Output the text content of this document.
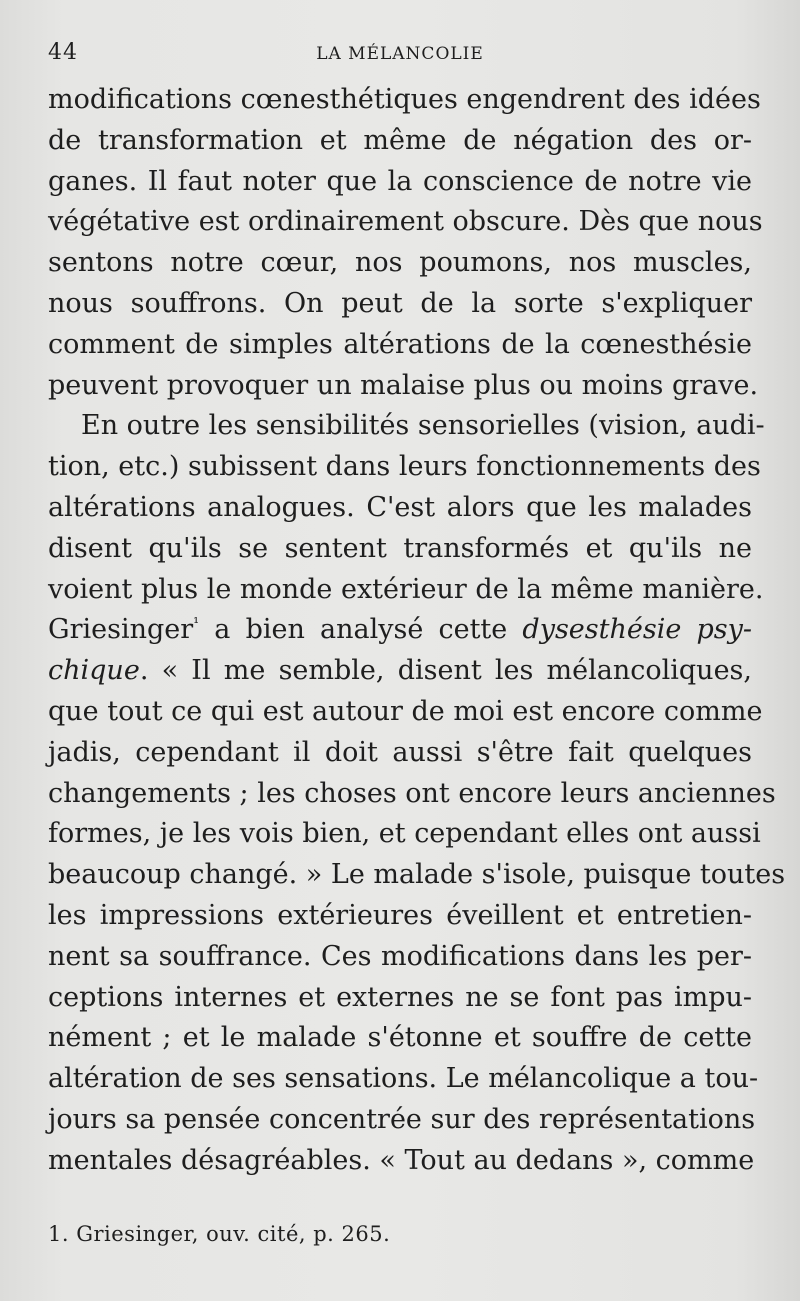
44	LA MÉLANCOLIE
modifications cœnesthétiques engendrent des idées
de transformation et même de négation des or-
ganes. Il faut noter que la conscience de notre vie
végétative est ordinairement obscure. Dès que nous
sentons notre cœur, nos poumons, nos muscles,
nous souffrons. On peut de la sorte s'expliquer
comment de simples altérations de la cœnesthésie
peuvent provoquer un malaise plus ou moins grave.
En outre les sensibilités sensorielles (vision, audi-
tion, etc.) subissent dans leurs fonctionnements des
altérations analogues. C'est alors que les malades
disent qu'ils se sentent transformés et qu'ils ne
voient plus le monde extérieur de la même manière.
Griesinger$^{^1}$ a bien analysé cette dysesthésie psy-
chique. « Il me semble, disent les mélancoliques,
que tout ce qui est autour de moi est encore comme
jadis, cependant il doit aussi s'être fait quelques
changements ; les choses ont encore leurs anciennes
formes, je les vois bien, et cependant elles ont aussi
beaucoup changé. » Le malade s'isole, puisque toutes
les impressions extérieures éveillent et entretien-
nent sa souffrance. Ces modifications dans les per-
ceptions internes et externes ne se font pas impu-
nément ; et le malade s'étonne et souffre de cette
altération de ses sensations. Le mélancolique a tou-
jours sa pensée concentrée sur des représentations
mentales désagréables. « Tout au dedans », comme
1. Griesinger, ouv. cité, p. 265.
